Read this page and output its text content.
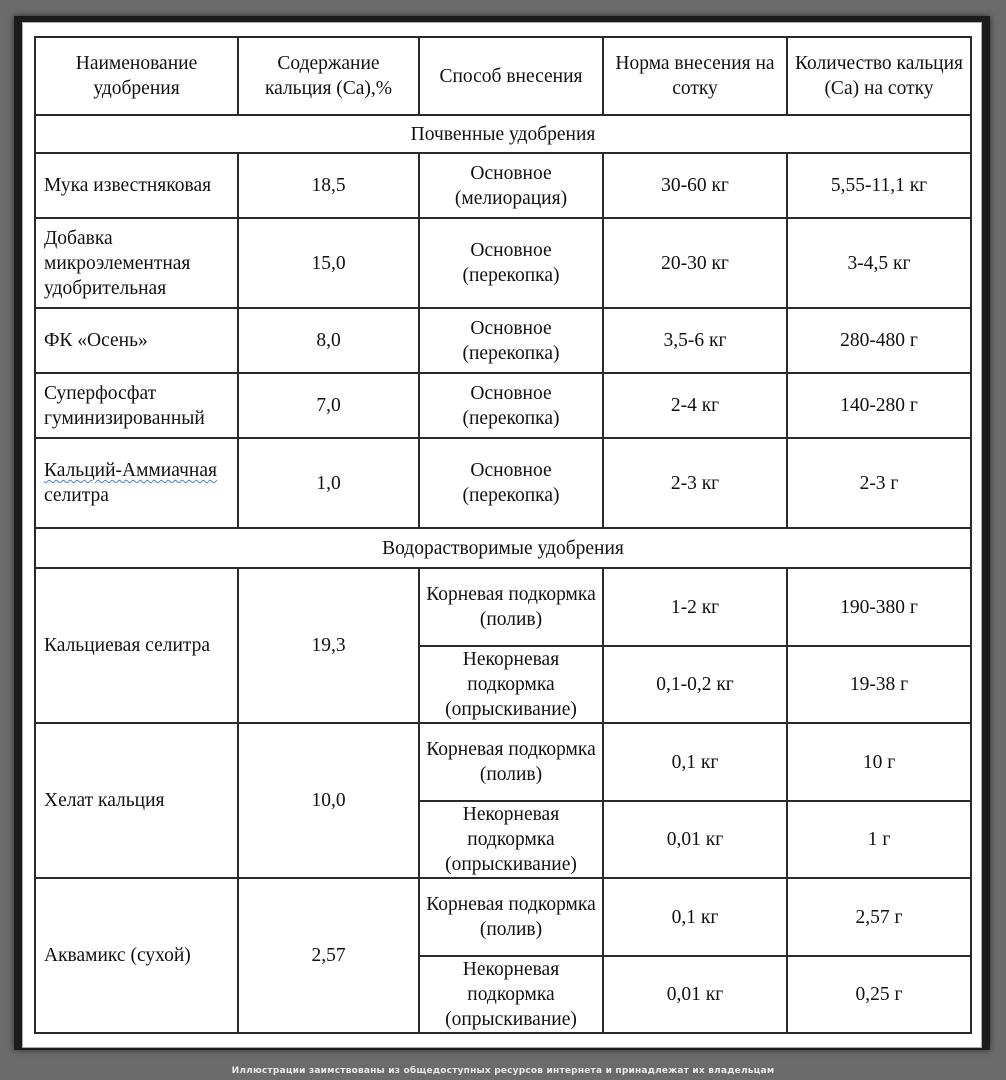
Наименование удобрения	Содержание кальция (Са),%	Способ внесения	Норма внесения на сотку	Количество кальция (Са) на сотку
Почвенные удобрения				
Мука известняковая	18,5	Основное (мелиорация)	30-60 кг	5,55-11,1 кг
Добавка микроэлементная удобрительная	15,0	Основное (перекопка)	20-30 кг	3-4,5 кг
ФК «Осень»	8,0	Основное (перекопка)	3,5-6 кг	280-480 г
Суперфосфат гуминизированный	7,0	Основное (перекопка)	2-4 кг	140-280 г
Кальций-Аммиачная селитра	1,0	Основное (перекопка)	2-3 кг	2-3 г
Водорастворимые удобрения				
Кальциевая селитра	19,3	Корневая подкормка (полив)	1-2 кг	190-380 г
		Некорневая подкормка (опрыскивание)	0,1-0,2 кг	19-38 г
Хелат кальция	10,0	Корневая подкормка (полив)	0,1 кг	10 г
		Некорневая подкормка (опрыскивание)	0,01 кг	1 г
Аквамикс (сухой)	2,57	Корневая подкормка (полив)	0,1 кг	2,57 г
		Некорневая подкормка (опрыскивание)	0,01 кг	0,25 г
Иллюстрации заимствованы из общедоступных ресурсов интернета и принадлежат их владельцам
